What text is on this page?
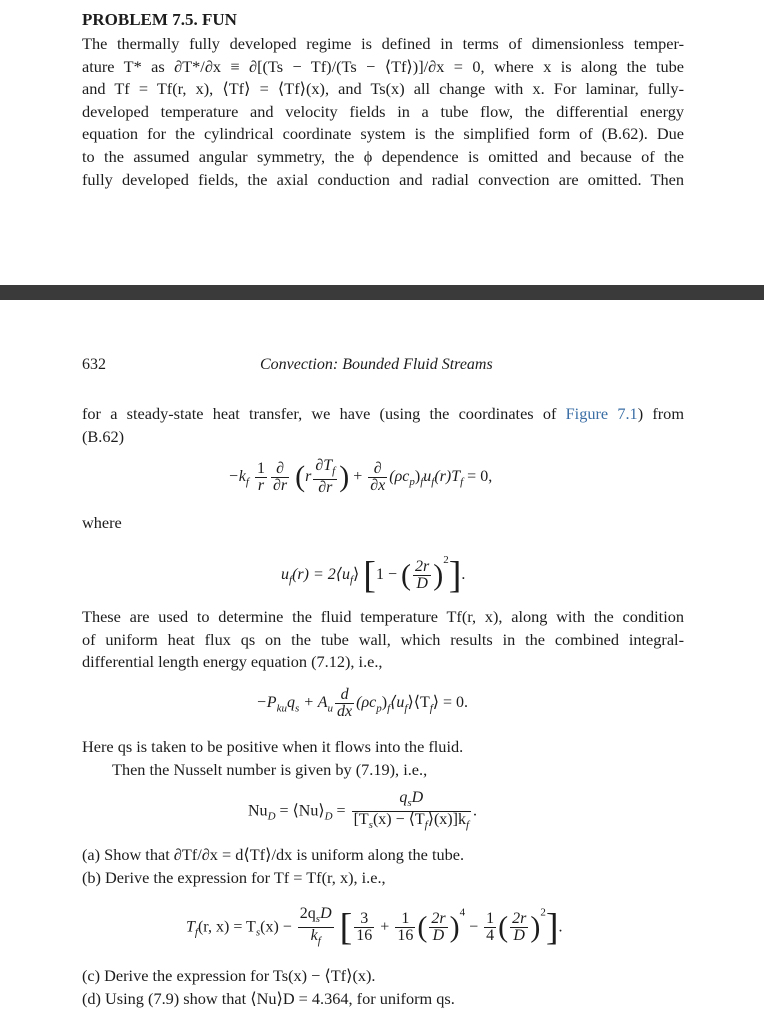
PROBLEM 7.5. FUN
The thermally fully developed regime is defined in terms of dimensionless temper-
ature T* as ∂T*/∂x ≡ ∂[(Ts − Tf)/(Ts − ⟨Tf⟩)]/∂x = 0, where x is along the tube
and Tf = Tf(r, x), ⟨Tf⟩ = ⟨Tf⟩(x), and Ts(x) all change with x. For laminar, fully-
developed temperature and velocity fields in a tube flow, the differential energy
equation for the cylindrical coordinate system is the simplified form of (B.62). Due
to the assumed angular symmetry, the ϕ dependence is omitted and because of the
fully developed fields, the axial conduction and radial convection are omitted. Then
632	Convection: Bounded Fluid Streams
for a steady-state heat transfer, we have (using the coordinates of Figure 7.1) from
(B.62)
$-k_f \frac{1}{r} \frac{\partial}{\partial r} (r \frac{\partial T_f}{\partial r}$ ) + $\frac{\partial}{\partial x} (\rho c_p)_fu_f(r)T_f = 0$,
where
$u_f(r)$ = $2⟨u_f⟩$ [1 − ( $\frac{2r}{D} )^2$].
These are used to determine the fluid temperature Tf(r, x), along with the condition
of uniform heat flux qs on the tube wall, which results in the combined integral-
differential length energy equation (7.12), i.e.,
$-P_{ku}q_s + A_u \frac{d}{dx}$ $(\rho c_p)_f⟨u_f⟩⟨T_f⟩ = 0$.
Here qs is taken to be positive when it flows into the fluid.
Then the Nusselt number is given by (7.19), i.e.,
$Nu_D$ = $⟨Nu⟩_D = \frac{q_sD}{[T_s(x) - ⟨T_f⟩(x)]k_f}$ .
(a) Show that ∂Tf/∂x = d⟨Tf⟩/dx is uniform along the tube.
(b) Derive the expression for Tf = Tf(r, x), i.e.,
$T_f(r$, $x) = T_s(x) - \frac{2q_sD}{k_f}$ [ $\frac{3}{16} + \frac{1}{16}$ ( $\frac{2r}{D} )^4 - \frac{1}{4}$ ( $\frac{2r}{D} )^2$].
(c) Derive the expression for Ts(x) − ⟨Tf⟩(x).
(d) Using (7.9) show that ⟨Nu⟩D = 4.364, for uniform qs.
